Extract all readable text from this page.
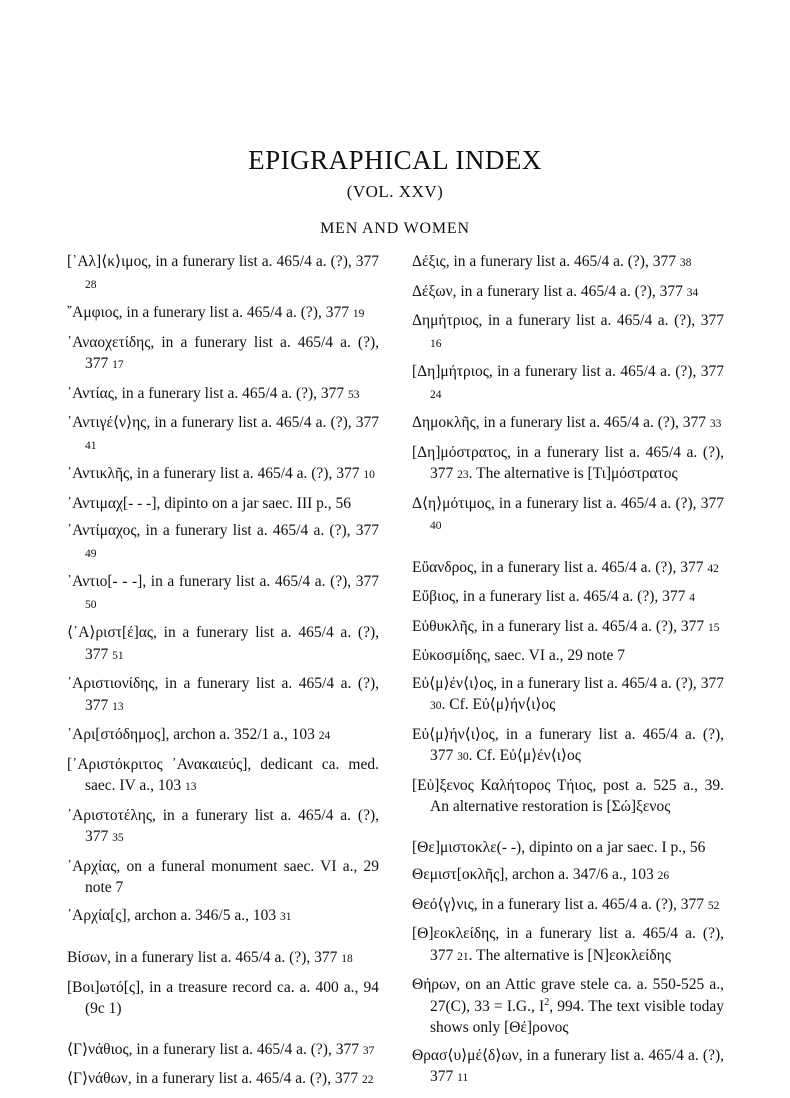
EPIGRAPHICAL INDEX
(VOL. XXV)
MEN AND WOMEN
[᾿Αλ]⟨κ⟩ιμος, in a funerary list a. 465/4 a. (?), 377 28
῎Αμφιος, in a funerary list a. 465/4 a. (?), 377 19
᾿Αναοχετίδης, in a funerary list a. 465/4 a. (?), 377 17
᾿Αντίας, in a funerary list a. 465/4 a. (?), 377 53
᾿Αντιγέ⟨ν⟩ης, in a funerary list a. 465/4 a. (?), 377 41
᾿Αντικλῆς, in a funerary list a. 465/4 a. (?), 377 10
᾿Αντιμαχ[- - -], dipinto on a jar saec. III p., 56
᾿Αντίμαχος, in a funerary list a. 465/4 a. (?), 377 49
᾿Αντιο[- - -], in a funerary list a. 465/4 a. (?), 377 50
⟨᾿Α⟩ριστ[έ]ας, in a funerary list a. 465/4 a. (?), 377 51
᾿Αριστιονίδης, in a funerary list a. 465/4 a. (?), 377 13
᾿Αρι[στόδημος], archon a. 352/1 a., 103 24
[᾿Αριστόκριτος ᾿Ανακαιεύς], dedicant ca. med. saec. IV a., 103 13
᾿Αριστοτέλης, in a funerary list a. 465/4 a. (?), 377 35
᾿Αρχίας, on a funeral monument saec. VI a., 29 note 7
᾿Αρχία[ς], archon a. 346/5 a., 103 31
Βίσων, in a funerary list a. 465/4 a. (?), 377 18
[Βοι]ωτό[ς], in a treasure record ca. a. 400 a., 94 (9c 1)
⟨Γ⟩νάθιος, in a funerary list a. 465/4 a. (?), 377 37
⟨Γ⟩νάθων, in a funerary list a. 465/4 a. (?), 377 22
Δέξις, in a funerary list a. 465/4 a. (?), 377 38
Δέξων, in a funerary list a. 465/4 a. (?), 377 34
Δημήτριος, in a funerary list a. 465/4 a. (?), 377 16
[Δη]μήτριος, in a funerary list a. 465/4 a. (?), 377 24
Δημοκλῆς, in a funerary list a. 465/4 a. (?), 377 33
[Δη]μόστρατος, in a funerary list a. 465/4 a. (?), 377 23. The alternative is [Τι]μόστρατος
Δ⟨η⟩μότιμος, in a funerary list a. 465/4 a. (?), 377 40
Εὔανδρος, in a funerary list a. 465/4 a. (?), 377 42
Εὔβιος, in a funerary list a. 465/4 a. (?), 377 4
Εὐθυκλῆς, in a funerary list a. 465/4 a. (?), 377 15
Εὐκοσμίδης, saec. VI a., 29 note 7
Εὐ⟨μ⟩έν⟨ι⟩ος, in a funerary list a. 465/4 a. (?), 377 30. Cf. Εὐ⟨μ⟩ήν⟨ι⟩ος
Εὐ⟨μ⟩ήν⟨ι⟩ος, in a funerary list a. 465/4 a. (?), 377 30. Cf. Εὐ⟨μ⟩έν⟨ι⟩ος
[Εὐ]ξενος Καλήτορος Τήιος, post a. 525 a., 39. An alternative restoration is [Σώ]ξενος
[Θε]μιστοκλε(- -), dipinto on a jar saec. I p., 56
Θεμιστ[οκλῆς], archon a. 347/6 a., 103 26
Θεό⟨γ⟩νις, in a funerary list a. 465/4 a. (?), 377 52
[Θ]εοκλείδης, in a funerary list a. 465/4 a. (?), 377 21. The alternative is [Ν]εοκλείδης
Θήρων, on an Attic grave stele ca. a. 550-525 a., 27(C), 33 = I.G., $I^2$, 994. The text visible today shows only [Θέ]ρονος
Θρασ⟨υ⟩μέ⟨δ⟩ων, in a funerary list a. 465/4 a. (?), 377 11
